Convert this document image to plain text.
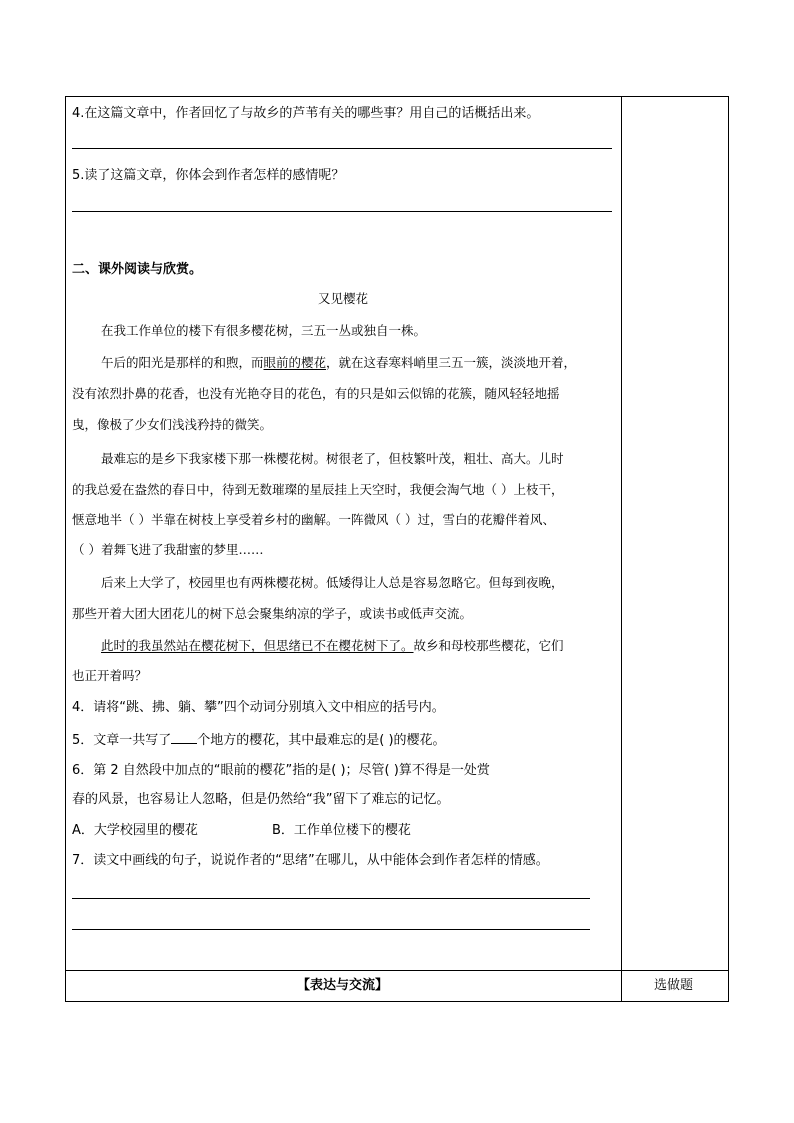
4.在这篇文章中，作者回忆了与故乡的芦苇有关的哪些事？用自己的话概括出来。
5.读了这篇文章，你体会到作者怎样的感情呢？
二、课外阅读与欣赏。
又见樱花
在我工作单位的楼下有很多樱花树，三五一丛或独自一株。
午后的阳光是那样的和煦，而眼前的樱花，就在这春寒料峭里三五一簇，淡淡地开着，
没有浓烈扑鼻的花香，也没有光艳夺目的花色，有的只是如云似锦的花簇，随风轻轻地摇
曳，像极了少女们浅浅矜持的微笑。
最难忘的是乡下我家楼下那一株樱花树。树很老了，但枝繁叶茂，粗壮、高大。儿时
的我总爱在盎然的春日中，待到无数璀璨的星辰挂上天空时，我便会淘气地（ ）上枝干，
惬意地半（ ）半靠在树枝上享受着乡村的幽解。一阵微风（ ）过，雪白的花瓣伴着风、
（ ）着舞飞进了我甜蜜的梦里……
后来上大学了，校园里也有两株樱花树。低矮得让人总是容易忽略它。但每到夜晚，
那些开着大团大团花儿的树下总会聚集纳凉的学子，或读书或低声交流。
此时的我虽然站在樱花树下，但思绪已不在樱花树下了。故乡和母校那些樱花，它们
也正开着吗？
4．请将“跳、拂、躺、攀”四个动词分别填入文中相应的括号内。
5．文章一共写了 个地方的樱花，其中最难忘的是( )的樱花。
6．第 2 自然段中加点的“眼前的樱花”指的是( )；尽管( )算不得是一处赏
春的风景，也容易让人忽略，但是仍然给“我”留下了难忘的记忆。
A．大学校园里的樱花	B．工作单位楼下的樱花
7．读文中画线的句子，说说作者的“思绪”在哪儿，从中能体会到作者怎样的情感。
【表达与交流】	选做题
